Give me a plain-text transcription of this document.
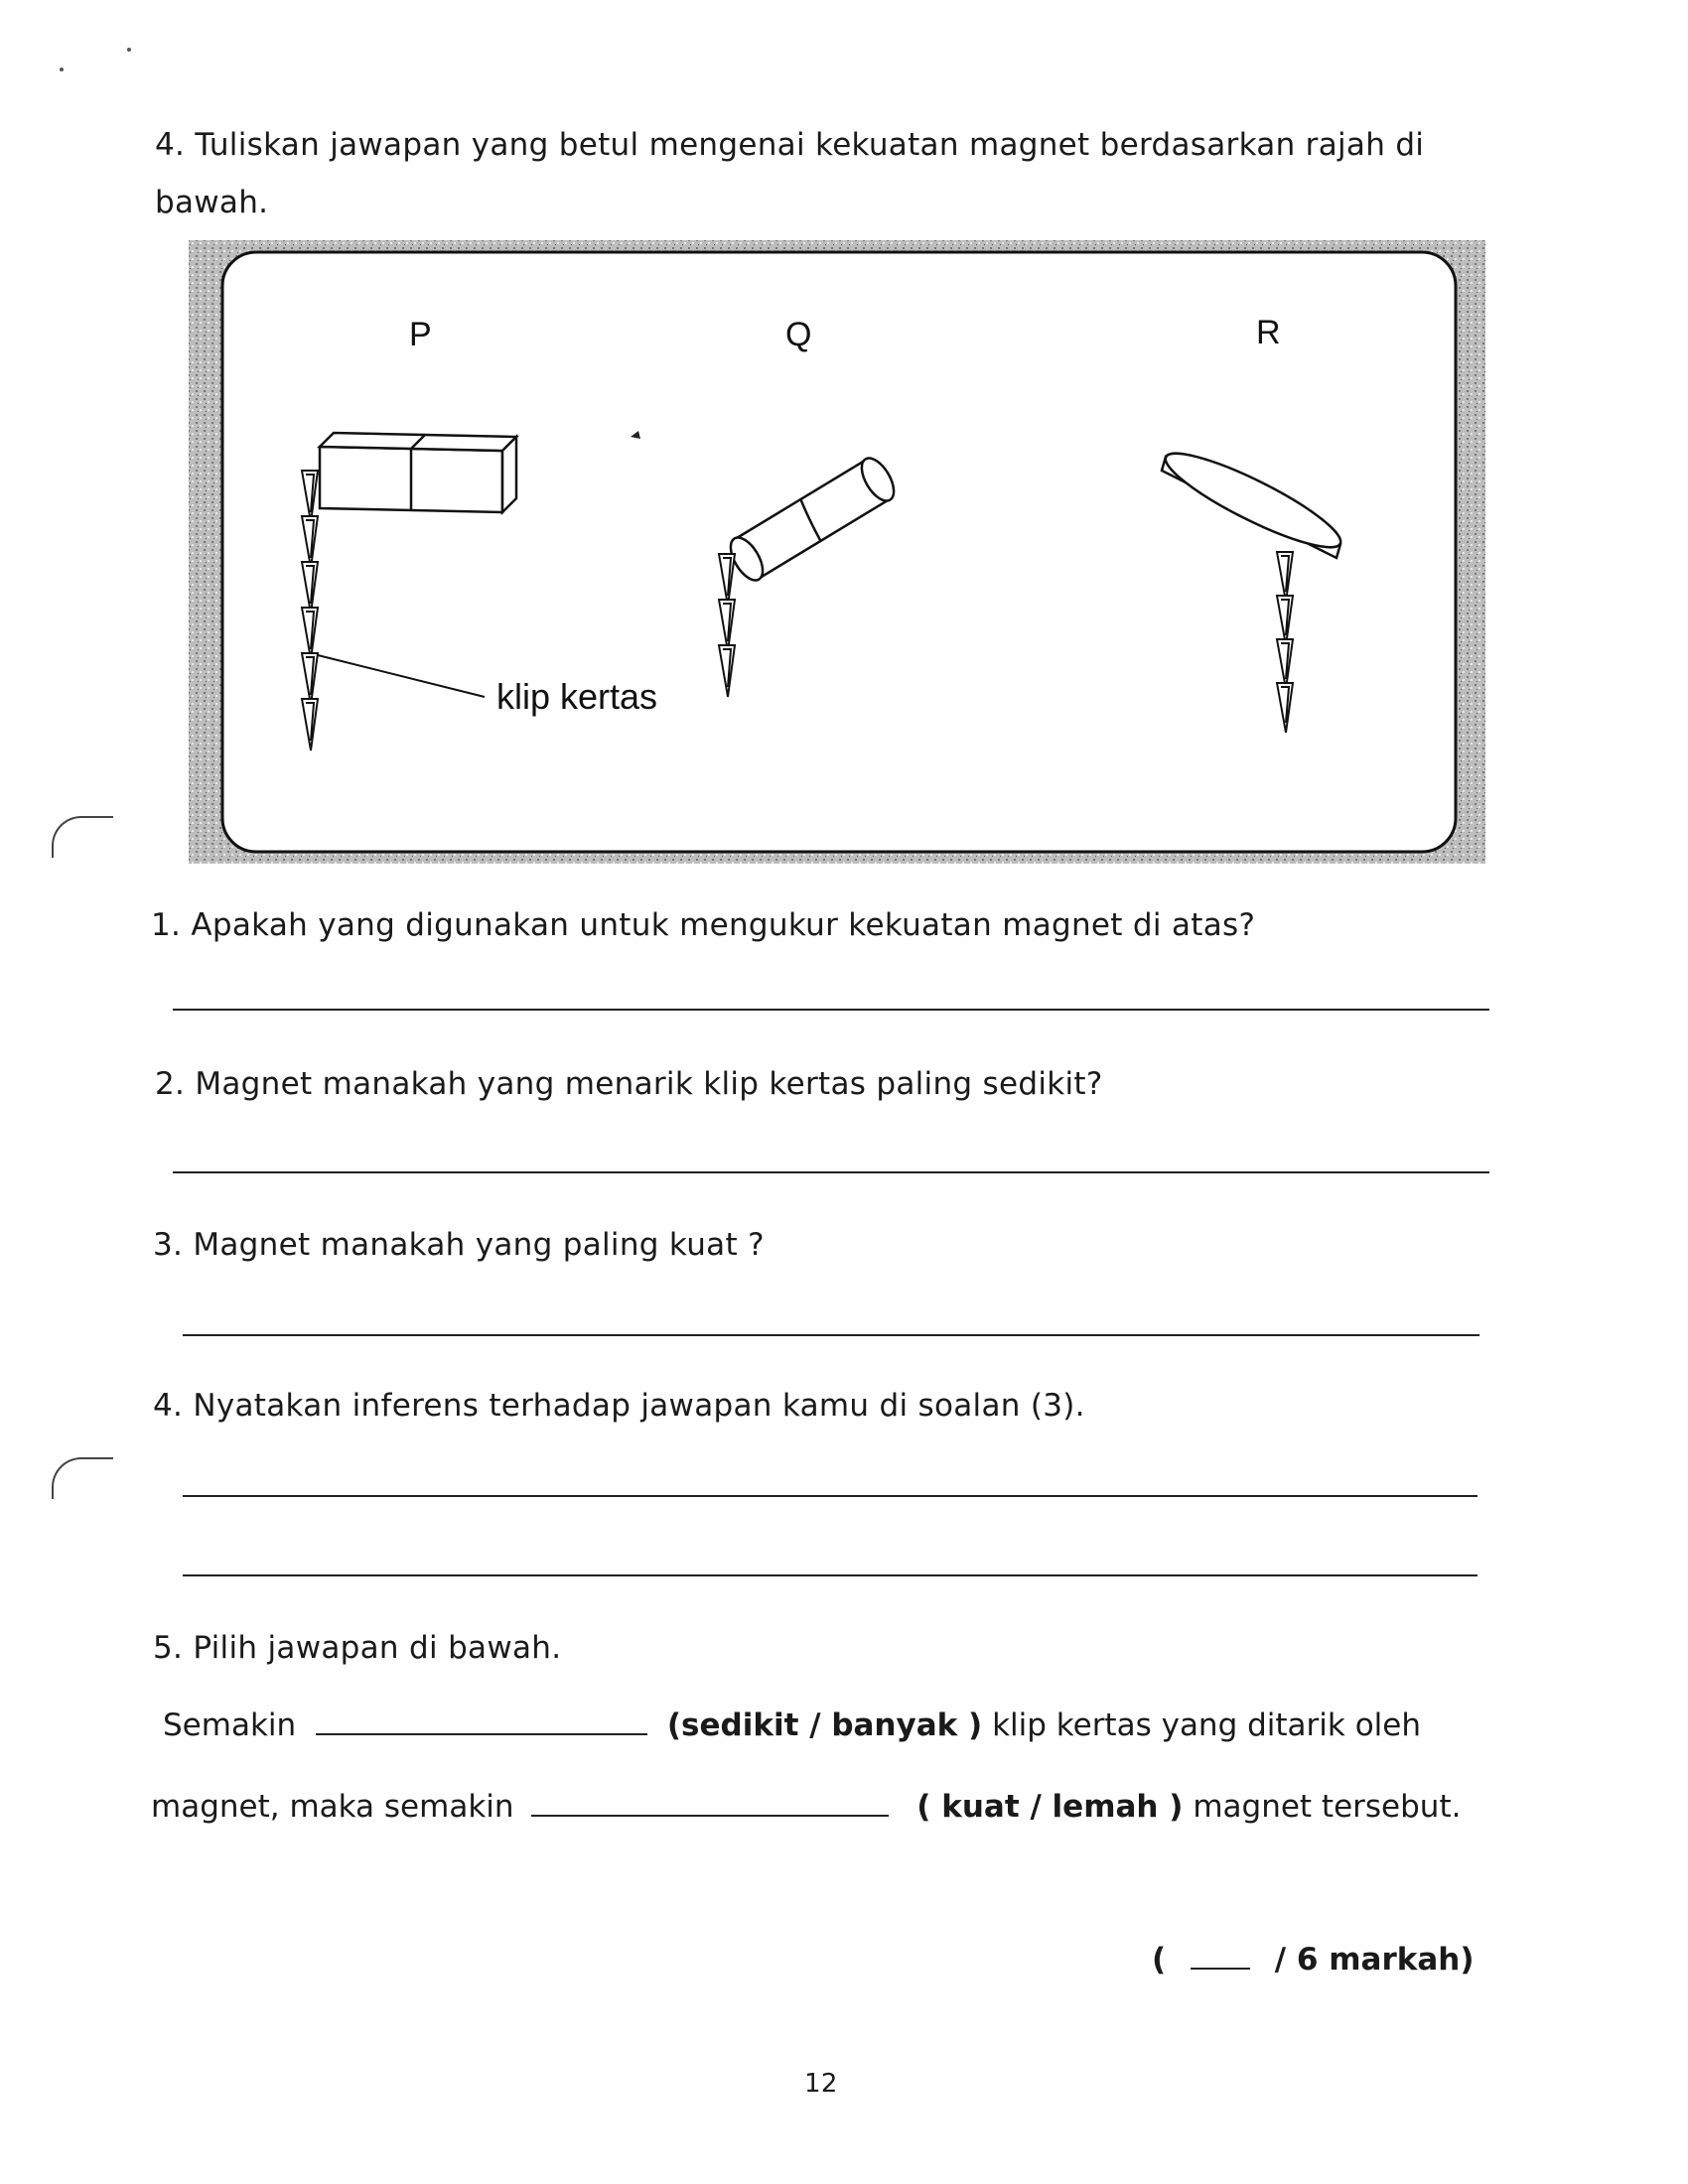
4. Tuliskan jawapan yang betul mengenai kekuatan magnet berdasarkan rajah di
bawah.
P	Q	R
klip kertas
1. Apakah yang digunakan untuk mengukur kekuatan magnet di atas?
2. Magnet manakah yang menarik klip kertas paling sedikit?
3. Magnet manakah yang paling kuat ?
4. Nyatakan inferens terhadap jawapan kamu di soalan (3).
5. Pilih jawapan di bawah.
Semakin	(sedikit / banyak ) klip kertas yang ditarik oleh
magnet, maka semakin	( kuat / lemah ) magnet tersebut.
(	/ 6 markah)
12
